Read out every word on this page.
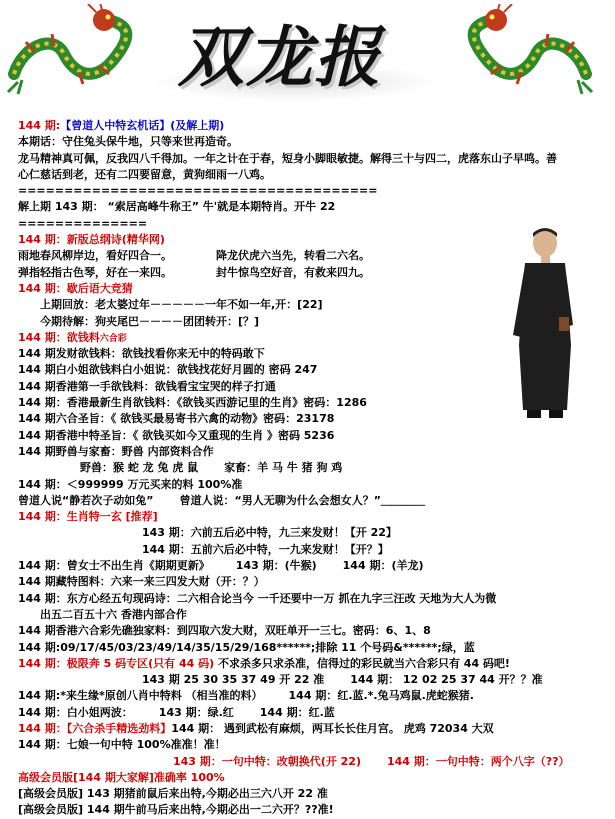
双龙报
144 期:【曾道人中特玄机话】(及解上期)
本期话：守住兔头保牛地，只等来世再造奇。
龙马精神真可佩，反我四八千得加。一年之计在于春，短身小脚眼敏捷。解得三十与四二，虎落东山子早鸣。善心仁慈话到老，还有二四要留意，黄狗细雨一八鸡。
=======================================
解上期 143 期： “索居高峰牛称王” 牛'就是本期特肖。开牛 22
==============
144 期：新版总纲诗(精华网)
雨地春风柳岸边，看好四合一。	降龙伏虎六当先，转看二六名。
弹指轻指古色琴，好在一来四。	封牛惊鸟空好音，有救来四九。
144 期：歇后语大竞猜
上期回放：老太婆过年－－－－－一年不如一年,开：[22]
今期待解：狗夹尾巴－－－－团团转开：[？]
144 期：欲钱料六合彩
144 期发财欲钱料：欲钱找看你来无中的特码敢下
144 期白小姐欲钱料白小姐说：欲钱找花好月圆的 密码 247
144 期香港第一手欲钱料：欲钱看宝宝哭的样子打通
144 期：香港最新生肖欲钱料：《欲钱买西游记里的生肖》密码：1286
144 期六合圣旨：《 欲钱买最易寄书六禽的动物》密码：23178
144 期香港中特圣旨：《 欲钱买如今又重现的生肖 》密码 5236
144 期野兽与家畜：野兽 内部资料合作
野兽：猴 蛇 龙 兔 虎 鼠 家畜：羊 马 牛 猪 狗 鸡
144 期：＜999999 万元买来的料 100%准
曾道人说“静若次子动如兔” 曾道人说：“男人无聊为什么会想女人？”＿＿＿＿
144 期：生肖特一玄 [推荐]
143 期：六前五后必中特，九三来发财！【开 22】
144 期：五前六后必中特，一九来发财！【开？】
144 期：曾女士不出生肖《期期更新》 143 期：(牛猴) 144 期：(羊龙)
144 期藏特图料：六来一来三四发大财（开：？）
144 期：东方心经五句现码诗：二六相合论当今 一千还要中一万 抓在九字三汪改 天地为大人为微
出五二百五十六 香港内部合作
144 期香港六合彩先礁独家料：到四取六发大财，双旺单开一三七。密码：6、1、8
144 期:09/17/45/03/23/49/14/35/15/29/168******;排除 11 个号码&******;绿，蓝
144 期：极限奔 5 码专区(只有 44 码) 不求杀多只求杀准，信得过的彩民就当六合彩只有 44 码吧!
143 期 25 30 35 37 49 开 22 准 144 期： 12 02 25 37 44 开？？准
144 期:*来生缘*原创八肖中特料 （相当准的料） 144 期：红.蓝.*.兔马鸡鼠.虎蛇猴猪.
144 期：白小姐两波： 143 期：绿.红 144 期：红.蓝
144 期：【六合杀手精选劲料】144 期： 遇到武松有麻烦，两耳长长住月宫。 虎鸡 72034 大双
144 期：七娘一句中特 100%准准！准！
143 期：一句中特：改朝换代(开 22) 144 期：一句中特：两个八字（??）
高级会员版[144 期大家解]准确率 100%
[高级会员版] 143 期猪前鼠后来出特,今期必出三六八开 22 准
[高级会员版] 144 期牛前马后来出特,今期必出一二六开？??准!
